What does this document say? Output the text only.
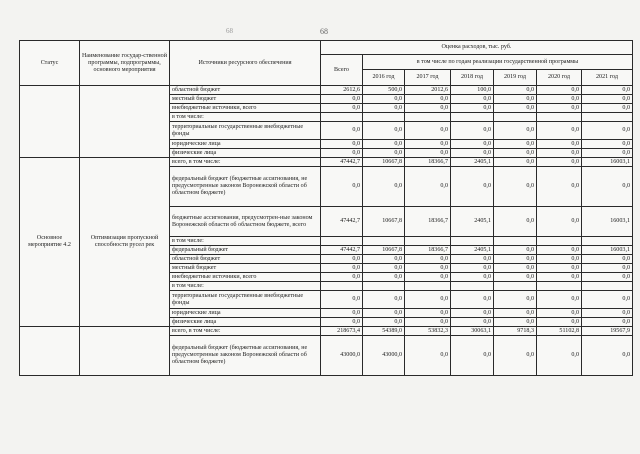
68	68
Статус	Наименование государ-ственной программы, подпрограммы, основного мероприятия	Источники ресурсного обеспечения	Оценка расходов, тыс. руб.						
			Всего	в том числе по годам реализации государственной программы					
				2016 год	2017 год	2018 год	2019 год	2020 год	2021 год
		областной бюджет	2612,6	500,0	2012,6	100,0	0,0	0,0	0,0
		местный бюджет	0,0	0,0	0,0	0,0	0,0	0,0	0,0
		внебюджетные источники, всего	0,0	0,0	0,0	0,0	0,0	0,0	0,0
		в том числе:							
		территориальные государственные внебюджетные фонды	0,0	0,0	0,0	0,0	0,0	0,0	0,0
		юридические лица	0,0	0,0	0,0	0,0	0,0	0,0	0,0
		физические лица	0,0	0,0	0,0	0,0	0,0	0,0	0,0
Основное мероприятие 4.2	Оптимизация пропускной способности русел рек	всего, в том числе:	47442,7	10667,8	18366,7	2405,1	0,0	0,0	16003,1
		федеральный бюджет (бюджетные ассигнования, не предусмотренные законом Воронежской области об областном бюджете)	0,0	0,0	0,0	0,0	0,0	0,0	0,0
		бюджетные ассигнования, предусмотрен-ные законом Воронежской области об областном бюджете, всего	47442,7	10667,8	18366,7	2405,1	0,0	0,0	16003,1
		в том числе:							
		федеральный бюджет	47442,7	10667,8	18366,7	2405,1	0,0	0,0	16003,1
		областной бюджет	0,0	0,0	0,0	0,0	0,0	0,0	0,0
		местный бюджет	0,0	0,0	0,0	0,0	0,0	0,0	0,0
		внебюджетные источники, всего	0,0	0,0	0,0	0,0	0,0	0,0	0,0
		в том числе:							
		территориальные государственные внебюджетные фонды	0,0	0,0	0,0	0,0	0,0	0,0	0,0
		юридические лица	0,0	0,0	0,0	0,0	0,0	0,0	0,0
		физические лица	0,0	0,0	0,0	0,0	0,0	0,0	0,0
		всего, в том числе:	218673,4	54389,0	53832,3	30063,1	9718,3	51102,8	19567,9
		федеральный бюджет (бюджетные ассигнования, не предусмотренные законом Воронежской области об областном бюджете)	43000,0	43000,0	0,0	0,0	0,0	0,0	0,0
